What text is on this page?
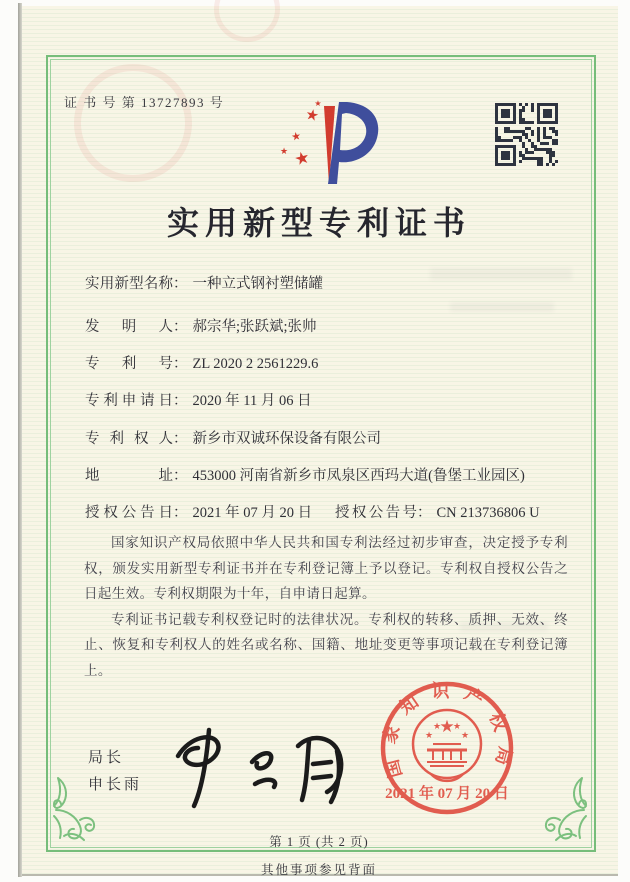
证 书 号 第 13727893 号
★
★
★ ★
★
实用新型专利证书
实用新型名称： 一种立式钢衬塑储罐
发明人： 郝宗华;张跃斌;张帅
专利号： ZL 2020 2 2561229.6
专利申请日： 2020 年 11 月 06 日
专利权人： 新乡市双诚环保设备有限公司
地址： 453000 河南省新乡市凤泉区西玛大道(鲁堡工业园区)
授权公告日： 2021 年 07 月 20 日 授权公告号： CN 213736806 U

国家知识产权局依照中华人民共和国专利法经过初步审查，决定授予专利权，颁发实用新型专利证书并在专利登记簿上予以登记。专利权自授权公告之日起生效。专利权期限为十年，自申请日起算。

专利证书记载专利权登记时的法律状况。专利权的转移、质押、无效、终止、恢复和专利权人的姓名或名称、国籍、地址变更等事项记载在专利登记簿上。

局长
申长雨
国家知识产权局
★
★
★ ★
★
2021 年 07 月 20 日
第 1 页 (共 2 页)
其他事项参见背面
